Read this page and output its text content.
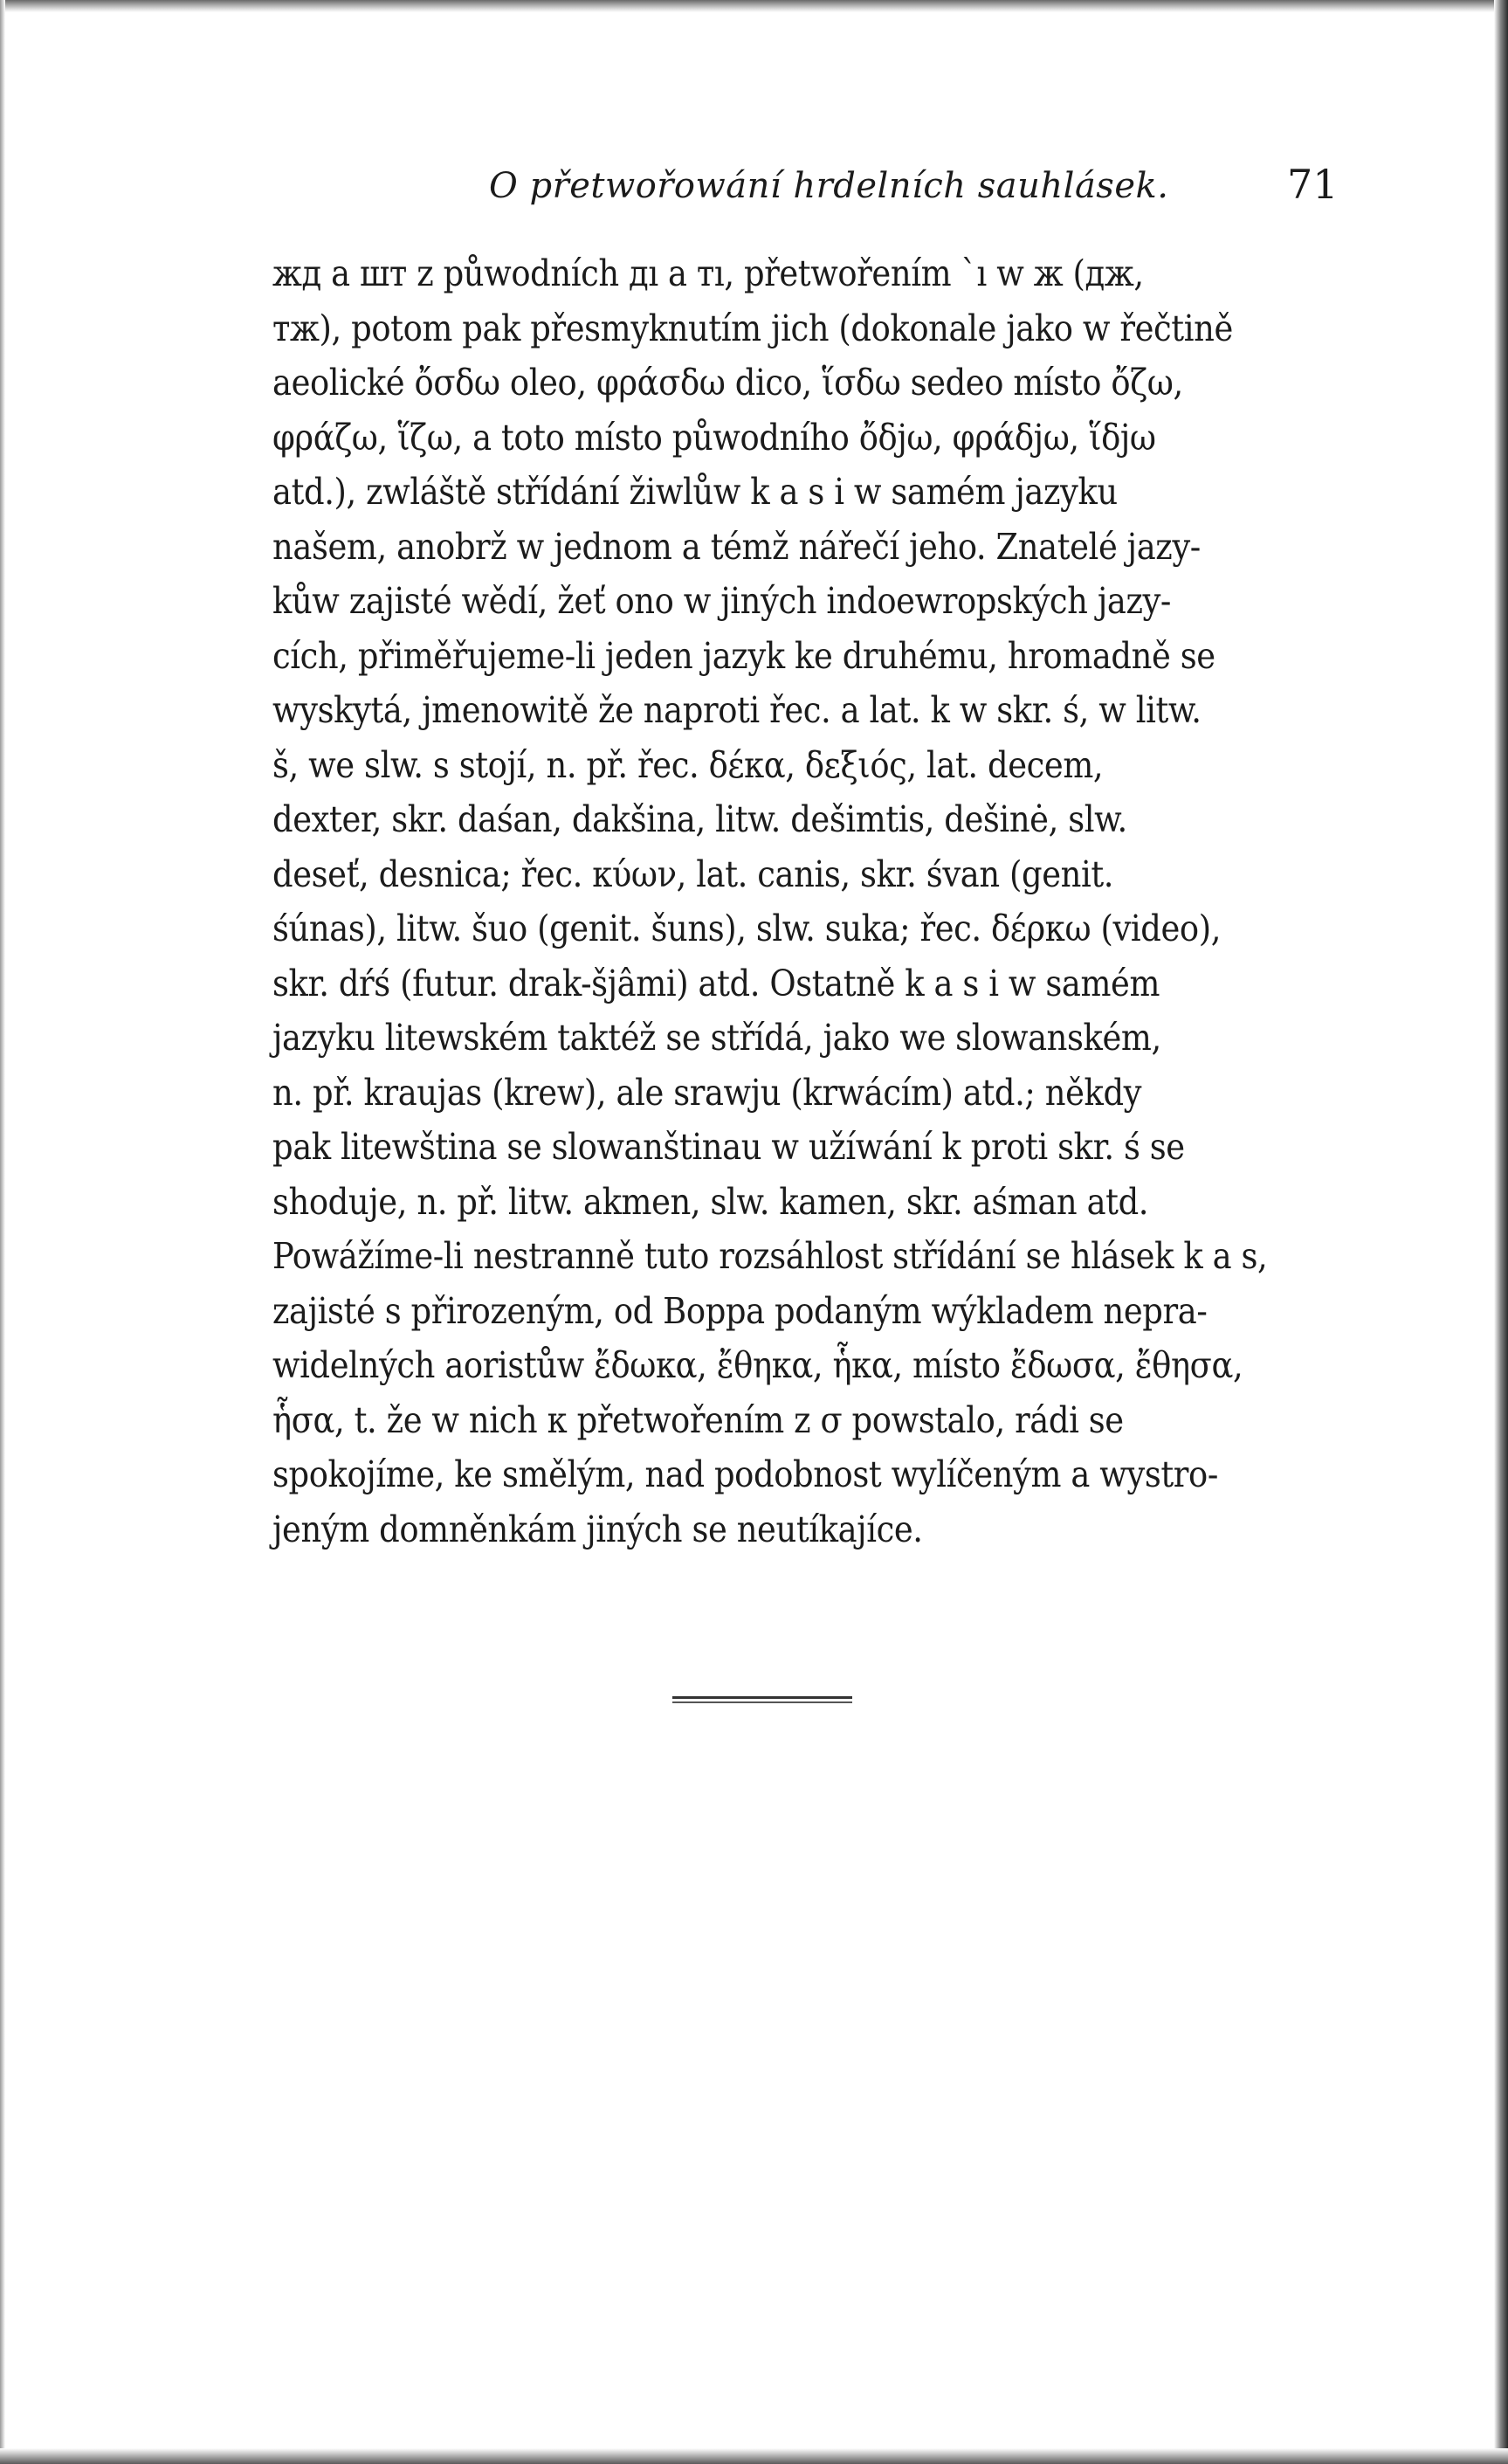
O přetwořowání hrdelních sauhlásek.	71
жд a шт z půwodních дı a тı, přetwořením ˋı w ж (дж,
тж), potom pak přesmyknutím jich (dokonale jako w řečtině
aeolické ὄσδω oleo, φράσδω dico, ἵσδω sedeo místo ὄζω,
φράζω, ἵζω, a toto místo půwodního ὄδjω, φράδjω, ἵδjω
atd.), zwláště střídání žiwlůw k a s i w samém jazyku
našem, anobrž w jednom a témž nářečí jeho. Znatelé jazy-
kůw zajisté wědí, žeť ono w jiných indoewropských jazy-
cích, přiměřujeme-li jeden jazyk ke druhému, hromadně se
wyskytá, jmenowitě že naproti řec. a lat. k w skr. ś, w litw.
š, we slw. s stojí, n. př. řec. δέκα, δεξιός, lat. decem,
dexter, skr. daśan, dakšina, litw. dešimtis, dešinė, slw.
deseť, desnica; řec. κύων, lat. canis, skr. śvan (genit.
śúnas), litw. šuo (genit. šuns), slw. suka; řec. δέρκω (video),
skr. dŕś (futur. drak-šjâmi) atd. Ostatně k a s i w samém
jazyku litewském taktéž se střídá, jako we slowanském,
n. př. kraujas (krew), ale srawju (krwácím) atd.; někdy
pak litewština se slowanštinau w užíwání k proti skr. ś se
shoduje, n. př. litw. akmen, slw. kamen, skr. aśman atd.
Powážíme-li nestranně tuto rozsáhlost střídání se hlásek k a s,
zajisté s přirozeným, od Boppa podaným wýkladem nepra-
widelných aoristůw ἔδωκα, ἔθηκα, ἧκα, místo ἔδωσα, ἔθησα,
ἧσα, t. že w nich κ přetwořením z σ powstalo, rádi se
spokojíme, ke smělým, nad podobnost wylíčeným a wystro-
jeným domněnkám jiných se neutíkajíce.
